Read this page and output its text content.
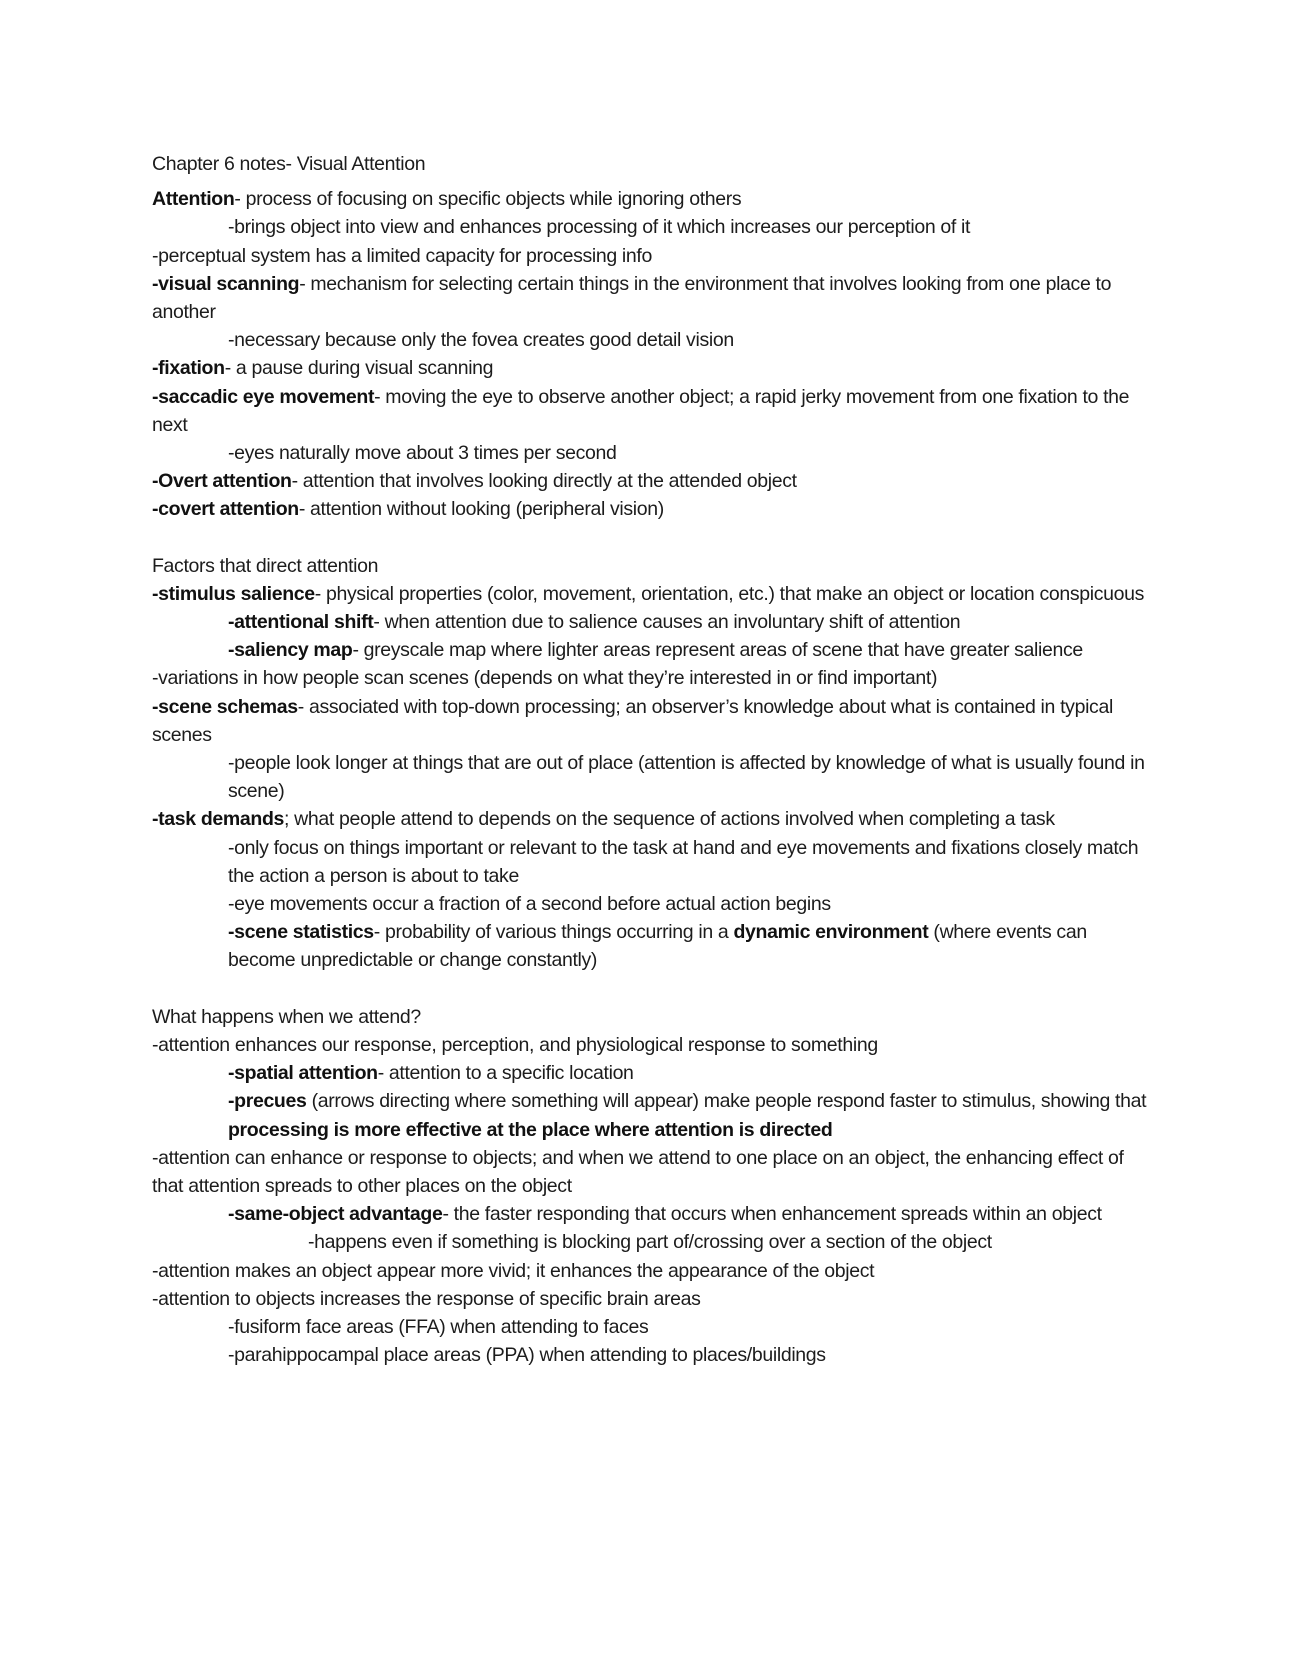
Chapter 6 notes- Visual Attention
Attention- process of focusing on specific objects while ignoring others
-brings object into view and enhances processing of it which increases our perception of it
-perceptual system has a limited capacity for processing info
-visual scanning- mechanism for selecting certain things in the environment that involves looking from one place to another
-necessary because only the fovea creates good detail vision
-fixation- a pause during visual scanning
-saccadic eye movement- moving the eye to observe another object; a rapid jerky movement from one fixation to the next
-eyes naturally move about 3 times per second
-Overt attention- attention that involves looking directly at the attended object
-covert attention- attention without looking (peripheral vision)
Factors that direct attention
-stimulus salience- physical properties (color, movement, orientation, etc.) that make an object or location conspicuous
-attentional shift- when attention due to salience causes an involuntary shift of attention
-saliency map- greyscale map where lighter areas represent areas of scene that have greater salience
-variations in how people scan scenes (depends on what they’re interested in or find important)
-scene schemas- associated with top-down processing; an observer’s knowledge about what is contained in typical scenes
-people look longer at things that are out of place (attention is affected by knowledge of what is usually found in scene)
-task demands; what people attend to depends on the sequence of actions involved when completing a task
-only focus on things important or relevant to the task at hand and eye movements and fixations closely match the action a person is about to take
-eye movements occur a fraction of a second before actual action begins
-scene statistics- probability of various things occurring in a dynamic environment (where events can become unpredictable or change constantly)
What happens when we attend?
-attention enhances our response, perception, and physiological response to something
-spatial attention- attention to a specific location
-precues (arrows directing where something will appear) make people respond faster to stimulus, showing that processing is more effective at the place where attention is directed
-attention can enhance or response to objects; and when we attend to one place on an object, the enhancing effect of that attention spreads to other places on the object
-same-object advantage- the faster responding that occurs when enhancement spreads within an object
-happens even if something is blocking part of/crossing over a section of the object
-attention makes an object appear more vivid; it enhances the appearance of the object
-attention to objects increases the response of specific brain areas
-fusiform face areas (FFA) when attending to faces
-parahippocampal place areas (PPA) when attending to places/buildings
